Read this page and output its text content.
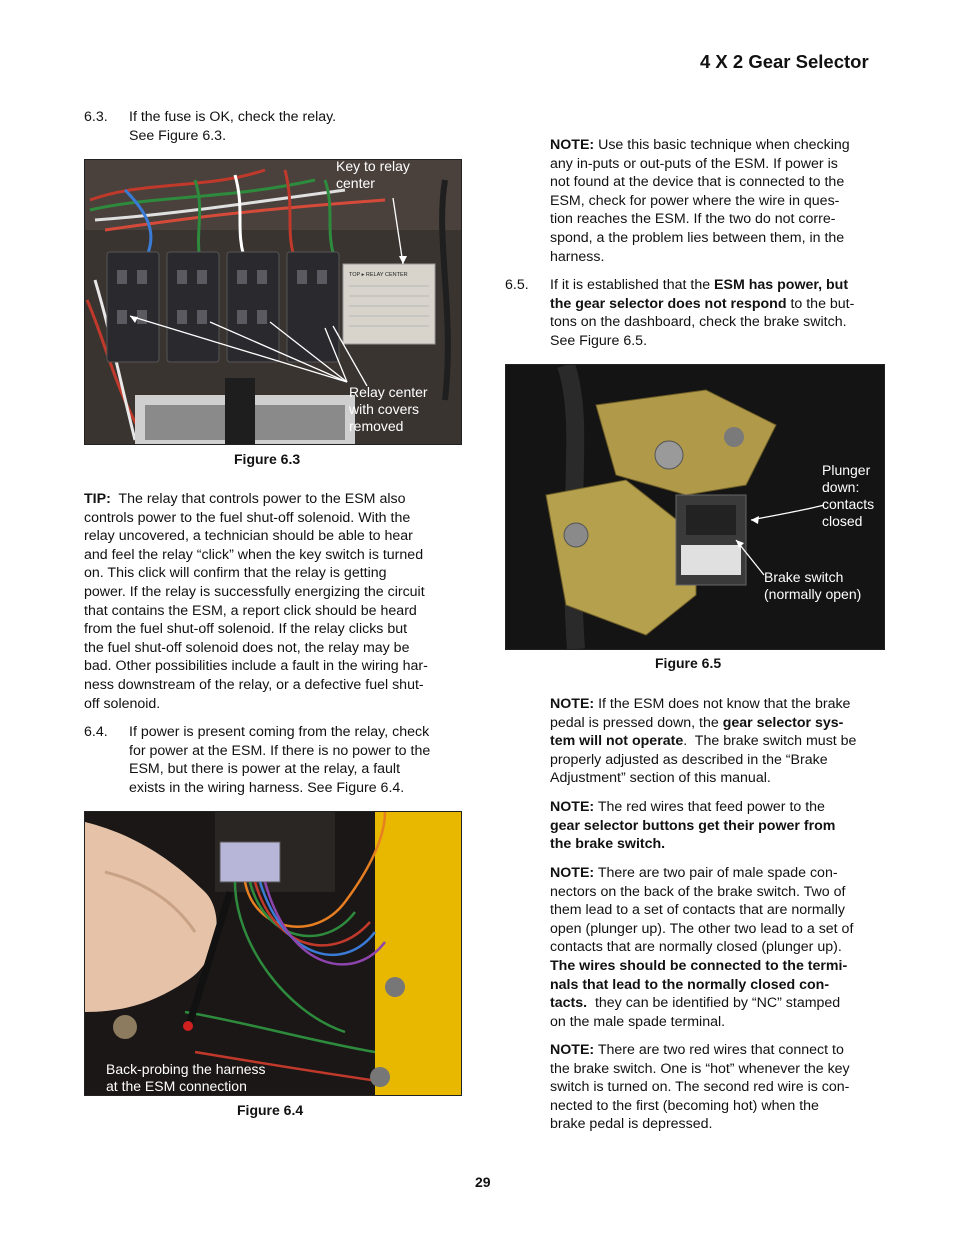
4 X 2 Gear Selector
6.3. If the fuse is OK, check the relay.
See Figure 6.3.
TOP ▸ RELAY CENTER
Key to relay
center
Relay center
with covers
removed
Figure 6.3
TIP:  The relay that controls power to the ESM also
controls power to the fuel shut-off solenoid. With the
relay uncovered, a technician should be able to hear
and feel the relay “click” when the key switch is turned
on. This click will confirm that the relay is getting
power. If the relay is successfully energizing the circuit
that contains the ESM, a report click should be heard
from the fuel shut-off solenoid. If the relay clicks but
the fuel shut-off solenoid does not, the relay may be
bad. Other possibilities include a fault in the wiring har-
ness downstream of the relay, or a defective fuel shut-
off solenoid.
6.4. If power is present coming from the relay, check
for power at the ESM. If there is no power to the
ESM, but there is power at the relay, a fault
exists in the wiring harness. See Figure 6.4.
Back-probing the harness
at the ESM connection
Figure 6.4
NOTE: Use this basic technique when checking
any in-puts or out-puts of the ESM. If power is
not found at the device that is connected to the
ESM, check for power where the wire in ques-
tion reaches the ESM. If the two do not corre-
spond, a the problem lies between them, in the
harness.
6.5. If it is established that the ESM has power, but
the gear selector does not respond to the but-
tons on the dashboard, check the brake switch.
See Figure 6.5.
Plunger
down:
contacts
closed
Brake switch
(normally open)
Figure 6.5
NOTE: If the ESM does not know that the brake
pedal is pressed down, the gear selector sys-
tem will not operate.  The brake switch must be
properly adjusted as described in the “Brake
Adjustment” section of this manual.
NOTE: The red wires that feed power to the
gear selector buttons get their power from
the brake switch.
NOTE: There are two pair of male spade con-
nectors on the back of the brake switch. Two of
them lead to a set of contacts that are normally
open (plunger up). The other two lead to a set of
contacts that are normally closed (plunger up).
The wires should be connected to the termi-
nals that lead to the normally closed con-
tacts.  they can be identified by “NC” stamped
on the male spade terminal.
NOTE: There are two red wires that connect to
the brake switch. One is “hot” whenever the key
switch is turned on. The second red wire is con-
nected to the first (becoming hot) when the
brake pedal is depressed.
29
